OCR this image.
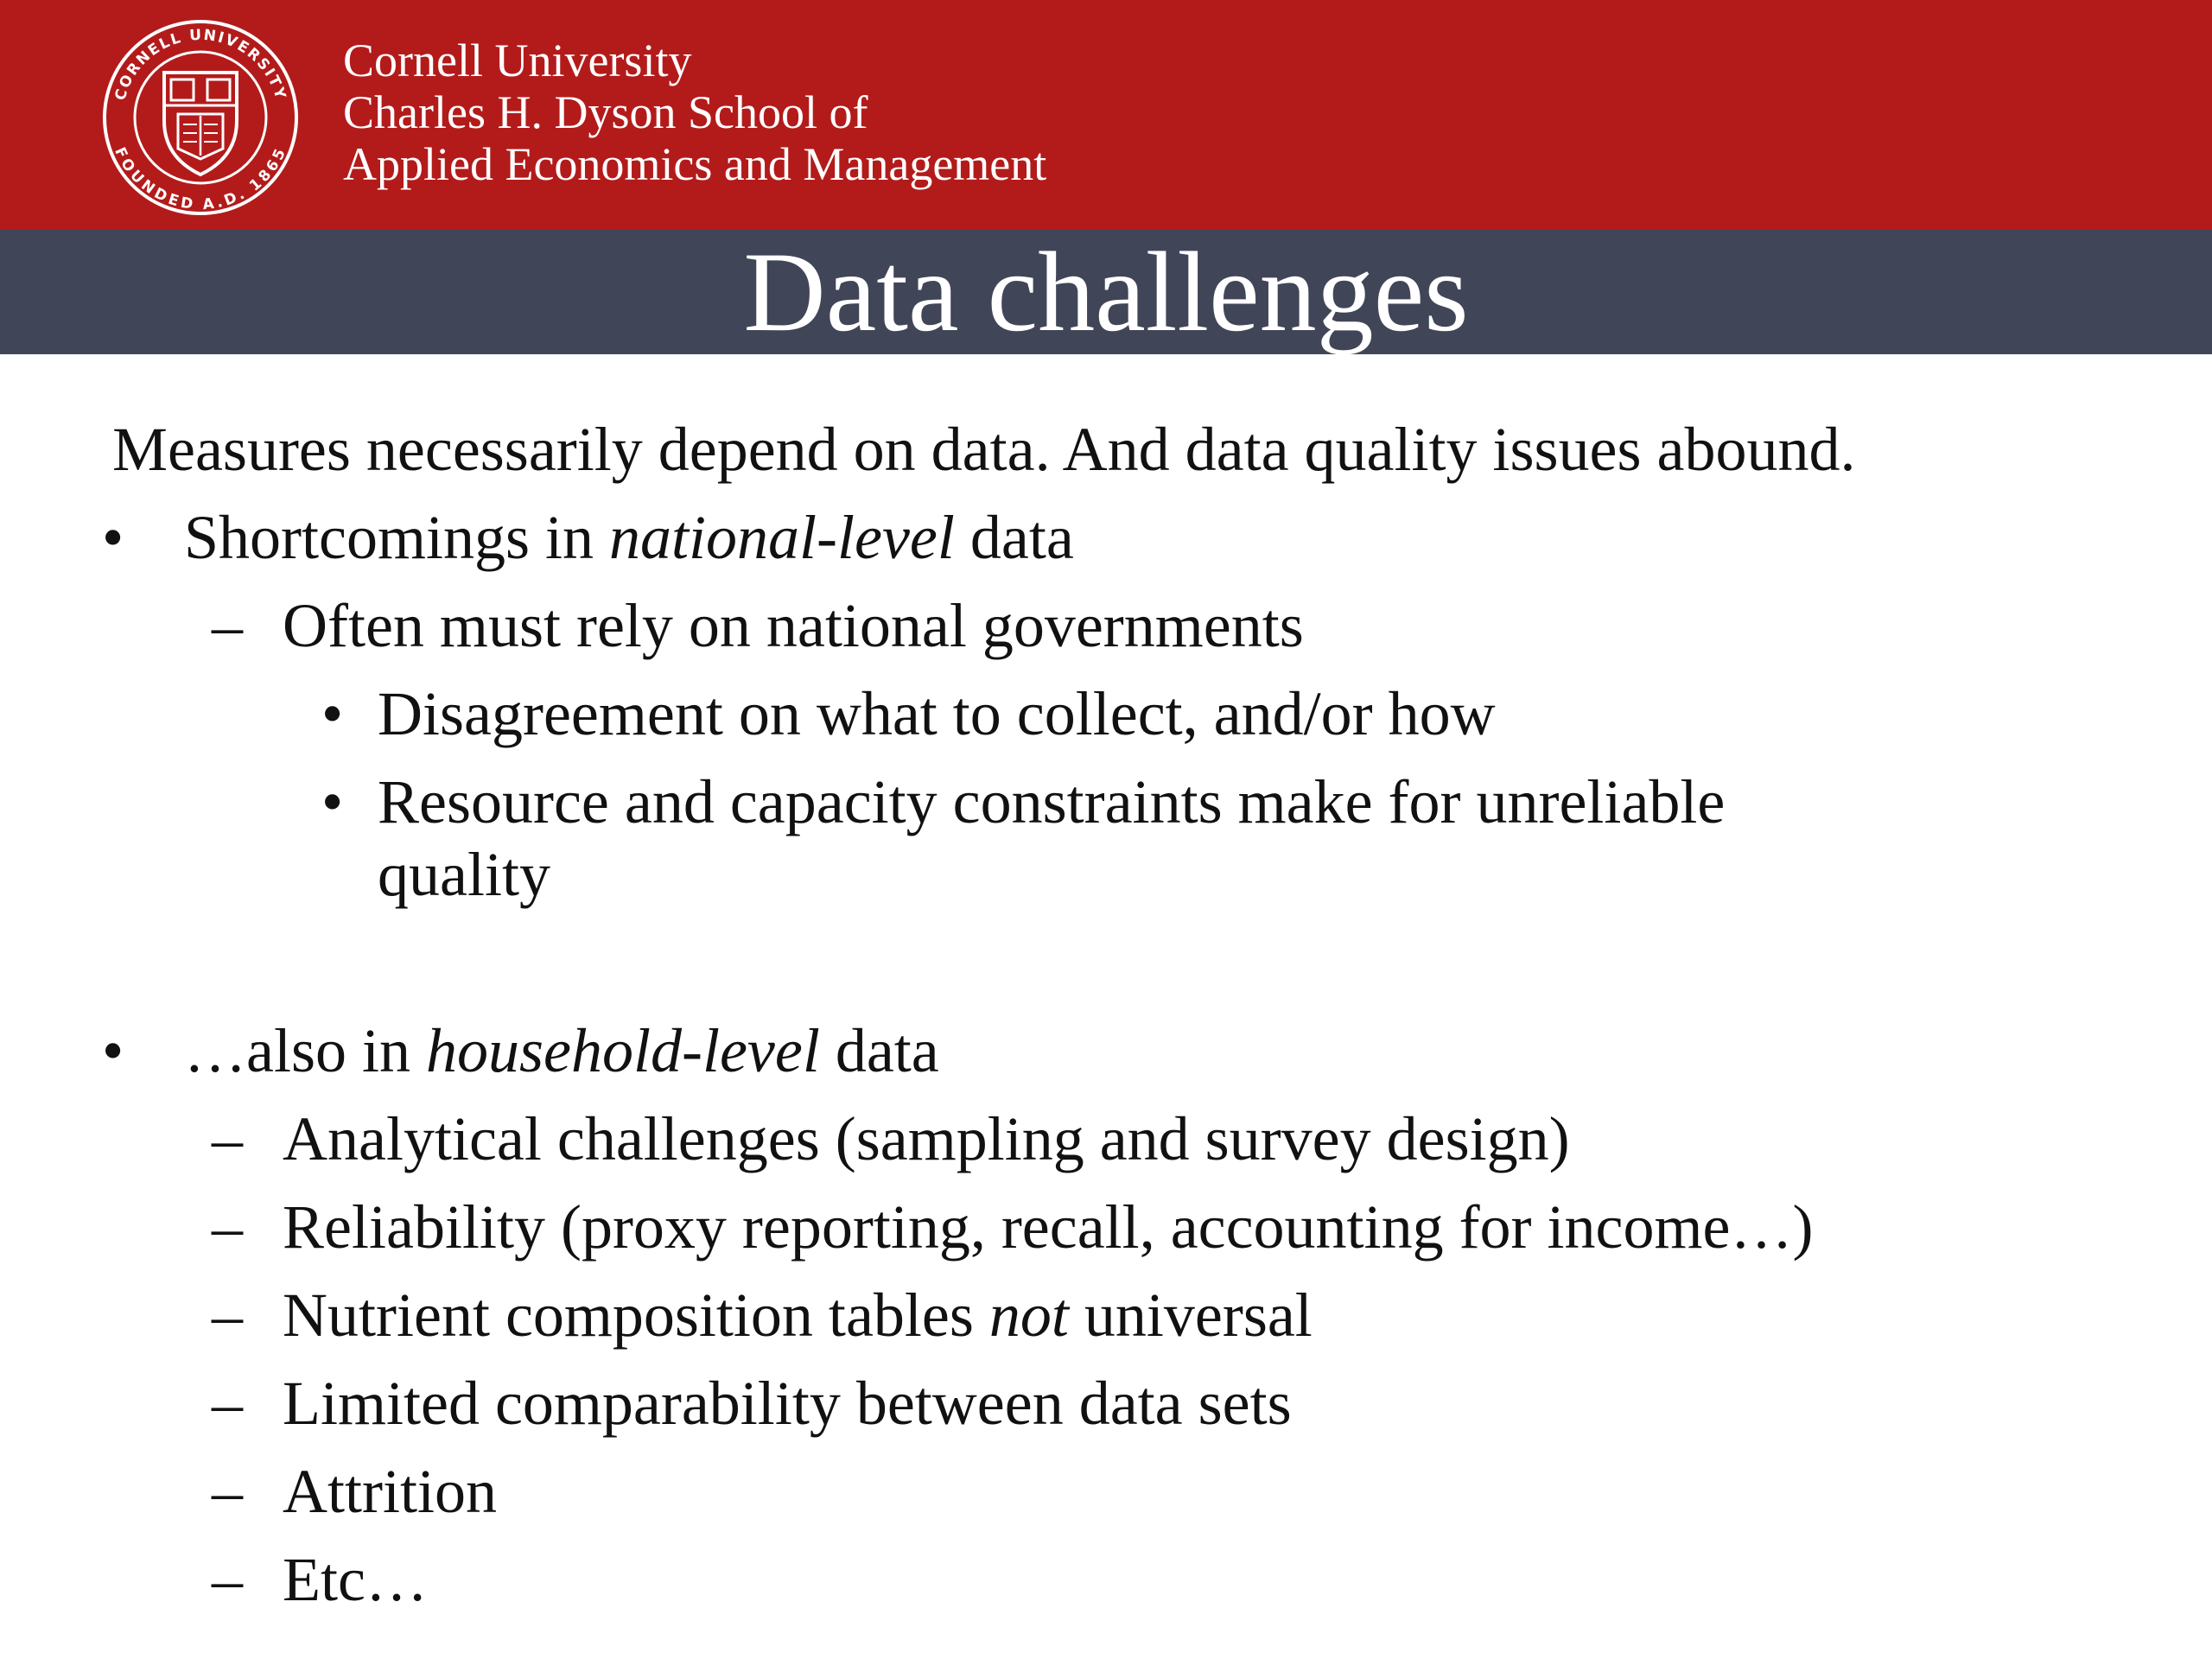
CORNELL UNIVERSITY
FOUNDED A.D. 1865
Cornell University
Charles H. Dyson School of
Applied Economics and Management
Data challenges
Measures necessarily depend on data. And data quality issues abound.
• Shortcomings in national-level data
– Often must rely on national governments
• Disagreement on what to collect, and/or how
• Resource and capacity constraints make for unreliable
quality
• …also in household-level data
– Analytical challenges (sampling and survey design)
– Reliability (proxy reporting, recall, accounting for income…)
– Nutrient composition tables not universal
– Limited comparability between data sets
– Attrition
– Etc…
